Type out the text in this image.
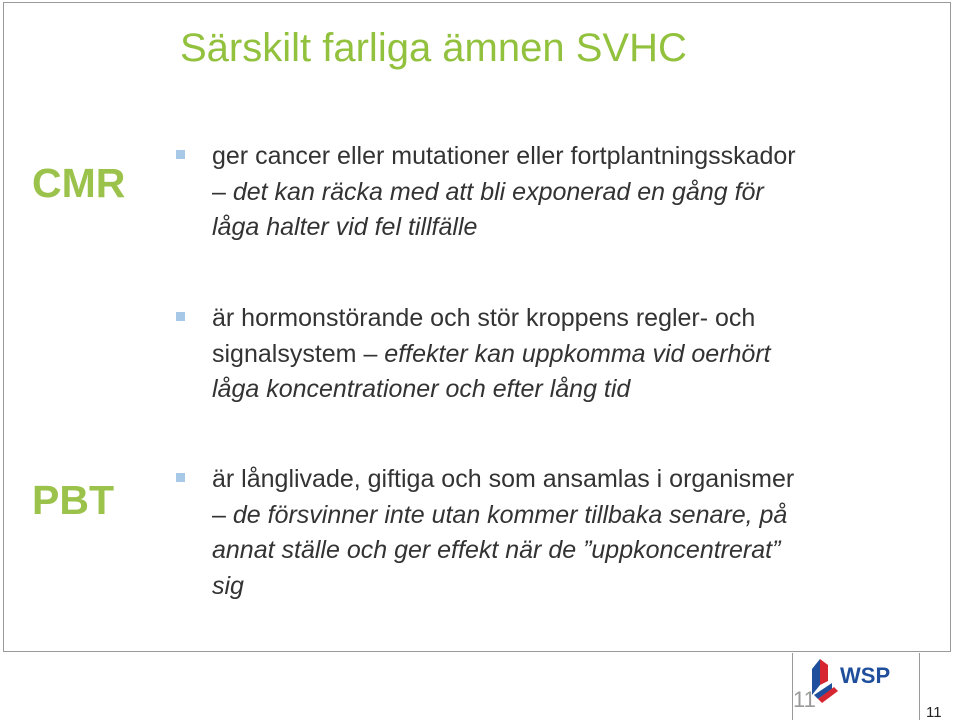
Särskilt farliga ämnen SVHC
CMR
PBT
ger cancer eller mutationer eller fortplantningsskador
– det kan räcka med att bli exponerad en gång för
låga halter vid fel tillfälle
är hormonstörande och stör kroppens regler- och
signalsystem – effekter kan uppkomma vid oerhört
låga koncentrationer och efter lång tid
är långlivade, giftiga och som ansamlas i organismer
– de försvinner inte utan kommer tillbaka senare, på
annat ställe och ger effekt när de ”uppkoncentrerat”
sig
WSP
11
11
